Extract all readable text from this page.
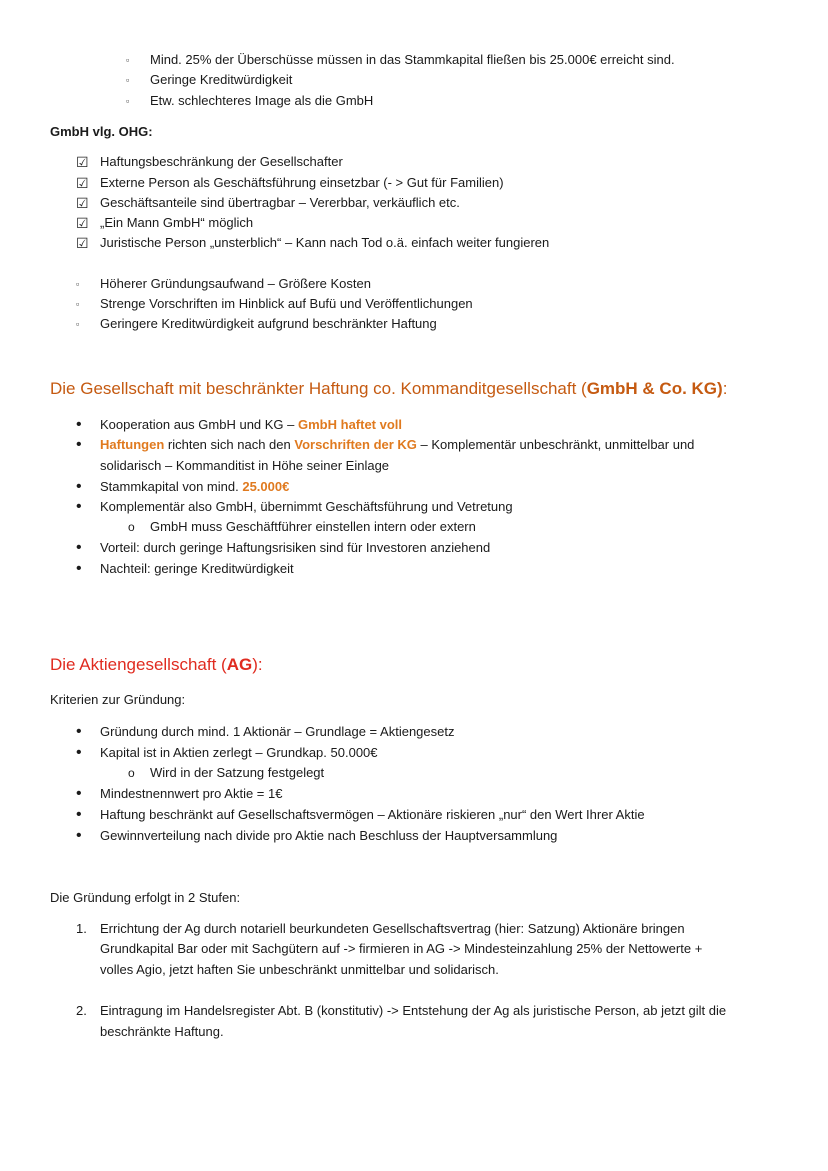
▫ Mind. 25% der Überschüsse müssen in das Stammkapital fließen bis 25.000€ erreicht sind.
▫ Geringe Kreditwürdigkeit
▫ Etw. schlechteres Image als die GmbH
GmbH vlg. OHG:
☑ Haftungsbeschränkung der Gesellschafter
☑ Externe Person als Geschäftsführung einsetzbar (- > Gut für Familien)
☑ Geschäftsanteile sind übertragbar – Vererbbar, verkäuflich etc.
☑ „Ein Mann GmbH“ möglich
☑ Juristische Person „unsterblich“ – Kann nach Tod o.ä. einfach weiter fungieren
▫ Höherer Gründungsaufwand – Größere Kosten
▫ Strenge Vorschriften im Hinblick auf Bufü und Veröffentlichungen
▫ Geringere Kreditwürdigkeit aufgrund beschränkter Haftung
Die Gesellschaft mit beschränkter Haftung co. Kommanditgesellschaft (GmbH & Co. KG):
• Kooperation aus GmbH und KG – GmbH haftet voll
• Haftungen richten sich nach den Vorschriften der KG – Komplementär unbeschränkt, unmittelbar und
solidarisch – Kommanditist in Höhe seiner Einlage
• Stammkapital von mind. 25.000€
• Komplementär also GmbH, übernimmt Geschäftsführung und Vetretung
o GmbH muss Geschäftführer einstellen intern oder extern
• Vorteil: durch geringe Haftungsrisiken sind für Investoren anziehend
• Nachteil: geringe Kreditwürdigkeit
Die Aktiengesellschaft (AG):
Kriterien zur Gründung:
• Gründung durch mind. 1 Aktionär – Grundlage = Aktiengesetz
• Kapital ist in Aktien zerlegt – Grundkap. 50.000€
o Wird in der Satzung festgelegt
• Mindestnennwert pro Aktie = 1€
• Haftung beschränkt auf Gesellschaftsvermögen – Aktionäre riskieren „nur“ den Wert Ihrer Aktie
• Gewinnverteilung nach divide pro Aktie nach Beschluss der Hauptversammlung
Die Gründung erfolgt in 2 Stufen:
1. Errichtung der Ag durch notariell beurkundeten Gesellschaftsvertrag (hier: Satzung) Aktionäre bringen
Grundkapital Bar oder mit Sachgütern auf -> firmieren in AG -> Mindesteinzahlung 25% der Nettowerte +
volles Agio, jetzt haften Sie unbeschränkt unmittelbar und solidarisch.
2. Eintragung im Handelsregister Abt. B (konstitutiv) -> Entstehung der Ag als juristische Person, ab jetzt gilt die
beschränkte Haftung.
